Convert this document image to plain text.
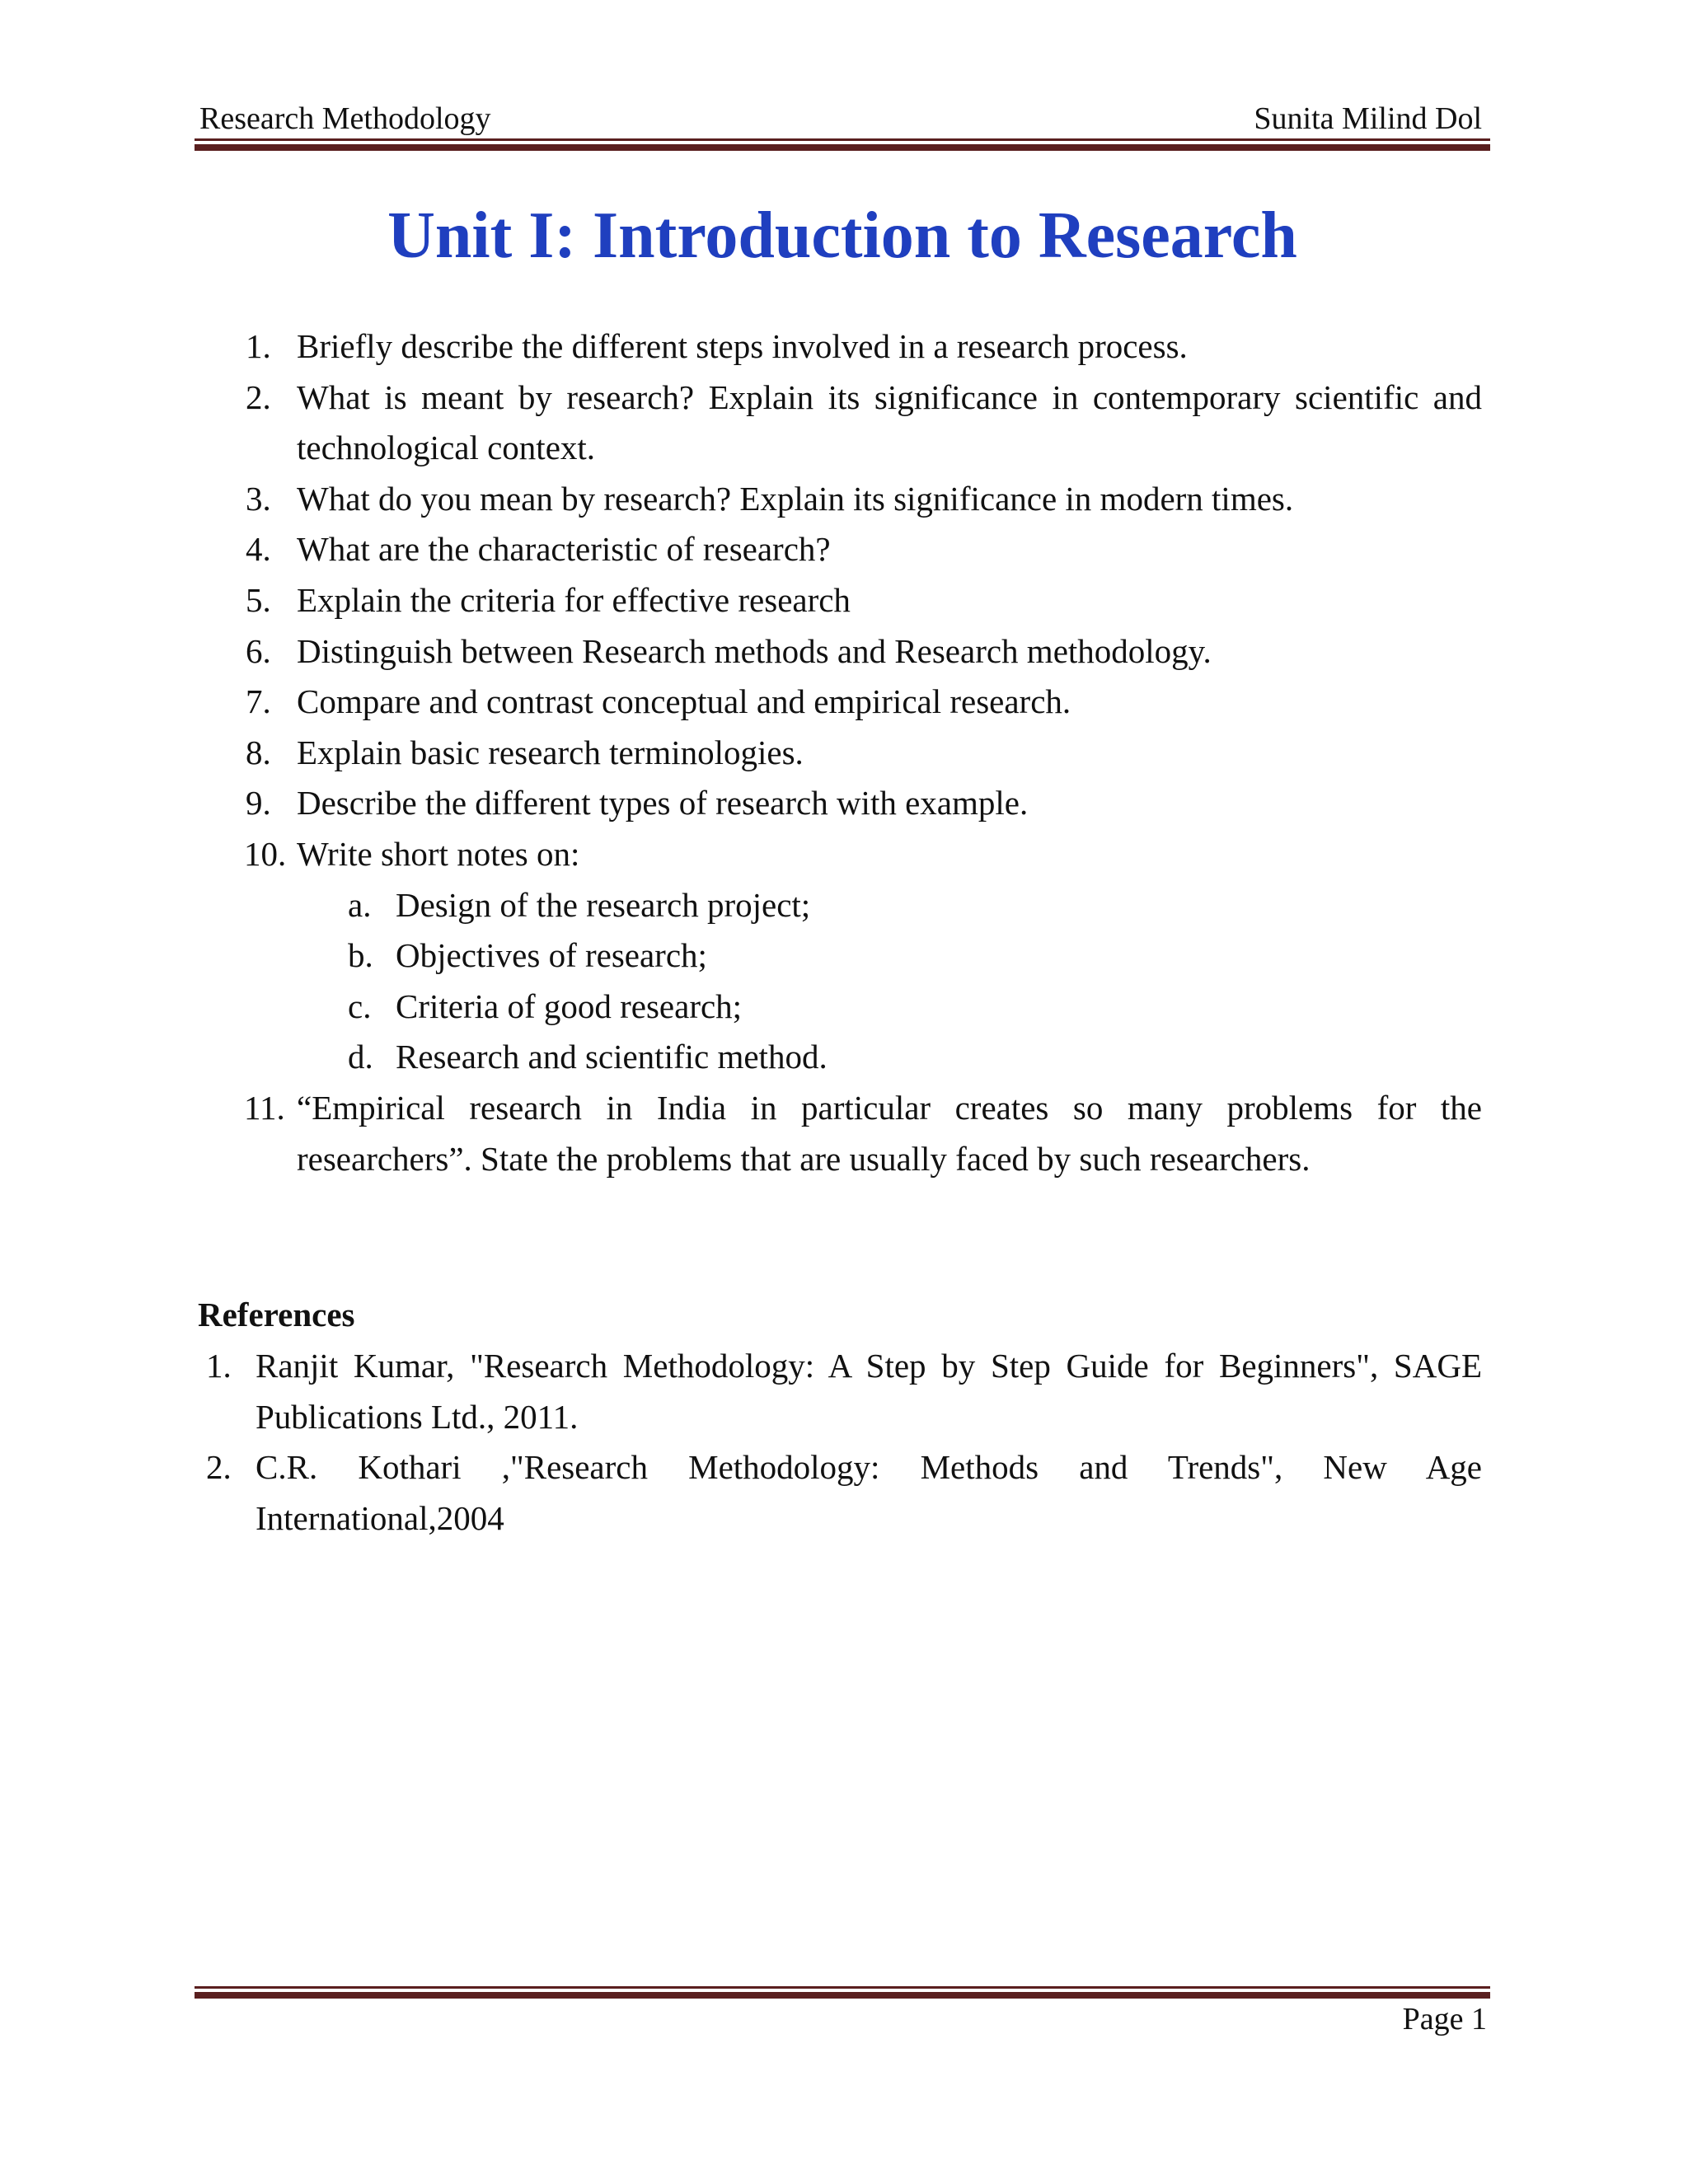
Research Methodology	Sunita Milind Dol
Unit I: Introduction to Research
1. Briefly describe the different steps involved in a research process.
2. What is meant by research? Explain its significance in contemporary scientific and technological context.
3. What do you mean by research? Explain its significance in modern times.
4. What are the characteristic of research?
5. Explain the criteria for effective research
6. Distinguish between Research methods and Research methodology.
7. Compare and contrast conceptual and empirical research.
8. Explain basic research terminologies.
9. Describe the different types of research with example.
10. Write short notes on:
a. Design of the research project;
b. Objectives of research;
c. Criteria of good research;
d. Research and scientific method.
11. “Empirical research in India in particular creates so many problems for the researchers”. State the problems that are usually faced by such researchers.
References
1. Ranjit Kumar, "Research Methodology: A Step by Step Guide for Beginners", SAGE Publications Ltd., 2011.
2. C.R. Kothari ,"Research Methodology: Methods and Trends", New Age International,2004
Page 1
